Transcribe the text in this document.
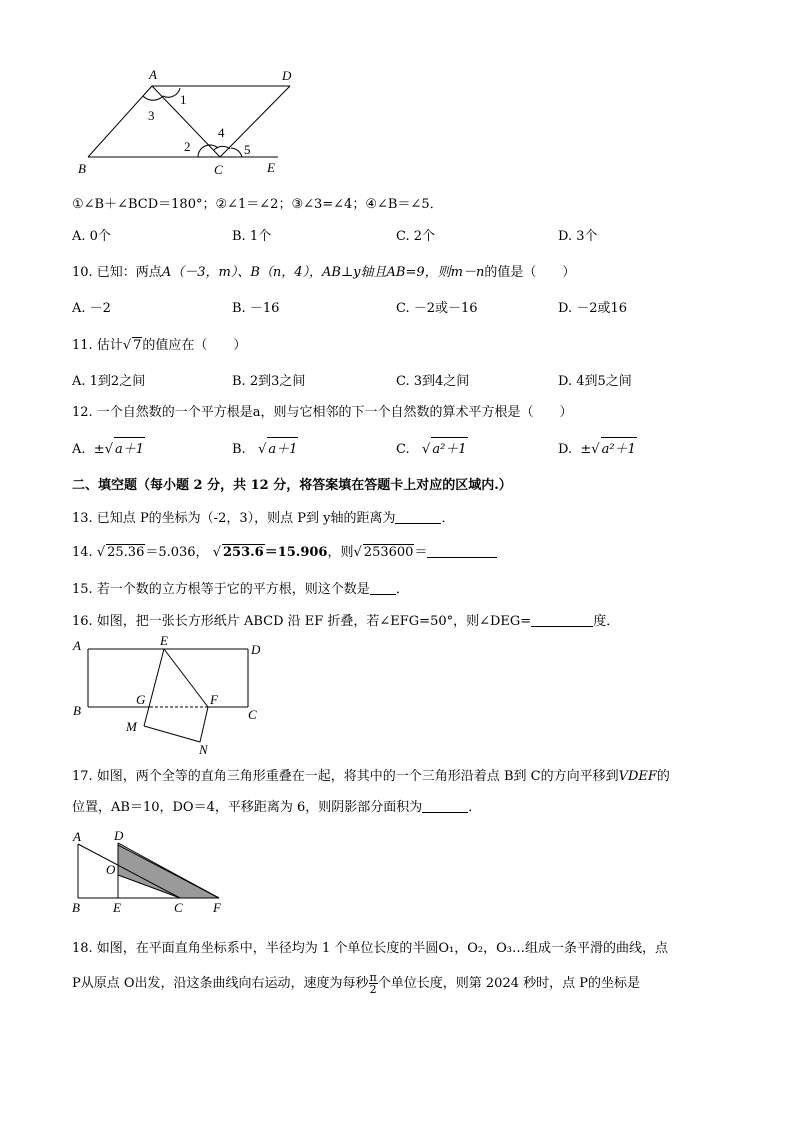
A	D
B	C	E
1
3
4
2	5
①∠B＋∠BCD＝180°；②∠1＝∠2；③∠3=∠4；④∠B＝∠5．
A. 0个	B. 1个	C. 2个	D. 3个
10. 已知：两点A（－3，m）、B（n，4），AB⊥y轴且AB=9，则m－n的值是（　　）
A. －2	B. －16	C. －2或－16	D. －2或16
11. 估计√ 7的值应在（　　）
A. 1到2之间	B. 2到3之间	C. 3到4之间	D. 4到5之间
12. 一个自然数的一个平方根是a，则与它相邻的下一个自然数的算术平方根是（　　）
A. ±√ a＋1	B. √ a＋1	C. √ a²＋1	D. ±√ a²＋1
二、填空题（每小题 2 分，共 12 分，将答案填在答题卡上对应的区域内.）
13. 已知点 P的坐标为（-2，3），则点 P到 y轴的距离为	．
14. √ 25.36＝5.036， √ 253.6＝15.906，则√ 253600＝
15. 若一个数的立方根等于它的平方根，则这个数是 ．
16. 如图，把一张长方形纸片 ABCD 沿 EF 折叠，若∠EFG=50°，则∠DEG=	度．
A	E
D
G	F
B	C
M
N
17. 如图，两个全等的直角三角形重叠在一起，将其中的一个三角形沿着点 B到 C的方向平移到VDEF的
位置，AB＝10，DO＝4，平移距离为 6，则阴影部分面积为	．
A	D
O
B	E	C F
18. 如图，在平面直角坐标系中，半径均为 1 个单位长度的半圆O₁，O₂，O₃…组成一条平滑的曲线，点
P从原点 O出发，沿这条曲线向右运动，速度为每秒 $\frac{\pi}{2}$ 个单位长度，则第 2024 秒时，点 P的坐标是
